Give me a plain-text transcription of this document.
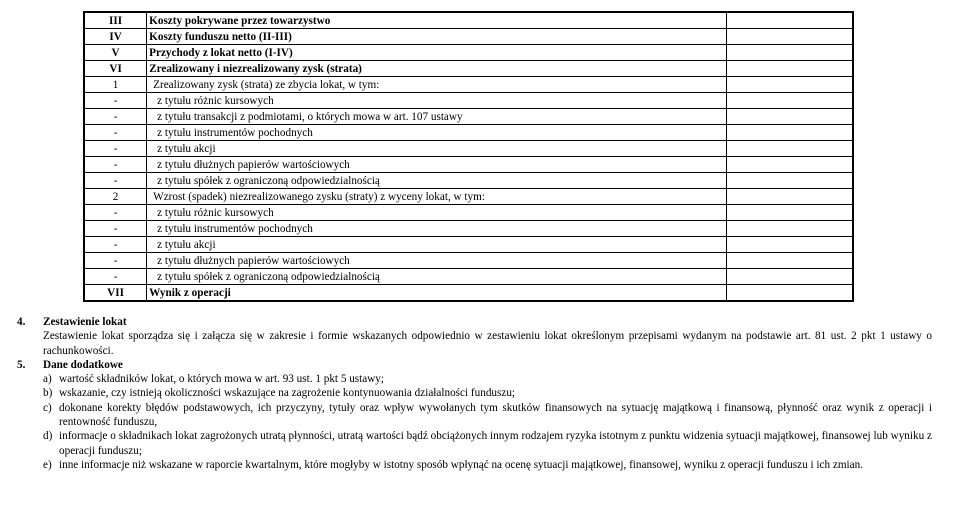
III	Koszty pokrywane przez towarzystwo	
IV	Koszty funduszu netto (II-III)	
V	Przychody z lokat netto (I-IV)	
VI	Zrealizowany i niezrealizowany zysk (strata)	
1	Zrealizowany zysk (strata) ze zbycia lokat, w tym:	
-	z tytułu różnic kursowych	
-	z tytułu transakcji z podmiotami, o których mowa w art. 107 ustawy	
-	z tytułu instrumentów pochodnych	
-	z tytułu akcji	
-	z tytułu dłużnych papierów wartościowych	
-	z tytułu spółek z ograniczoną odpowiedzialnością	
2	Wzrost (spadek) niezrealizowanego zysku (straty) z wyceny lokat, w tym:	
-	z tytułu różnic kursowych	
-	z tytułu instrumentów pochodnych	
-	z tytułu akcji	
-	z tytułu dłużnych papierów wartościowych	
-	z tytułu spółek z ograniczoną odpowiedzialnością	
VII	Wynik z operacji	
4.	Zestawienie lokat

Zestawienie lokat sporządza się i załącza się w zakresie i formie wskazanych odpowiednio w zestawieniu lokat określonym przepisami wydanym na podstawie art. 81 ust. 2 pkt 1 ustawy o rachunkowości.

5.	Dane dodatkowe
a) wartość składników lokat, o których mowa w art. 93 ust. 1 pkt 5 ustawy;
b) wskazanie, czy istnieją okoliczności wskazujące na zagrożenie kontynuowania działalności funduszu;
c) dokonane korekty błędów podstawowych, ich przyczyny, tytuły oraz wpływ wywołanych tym skutków finansowych na sytuację majątkową i finansową, płynność oraz wynik z operacji i rentowność funduszu,
d) informacje o składnikach lokat zagrożonych utratą płynności, utratą wartości bądź obciążonych innym rodzajem ryzyka istotnym z punktu widzenia sytuacji majątkowej, finansowej lub wyniku z operacji funduszu;
e) inne informacje niż wskazane w raporcie kwartalnym, które mogłyby w istotny sposób wpłynąć na ocenę sytuacji majątkowej, finansowej, wyniku z operacji funduszu i ich zmian.
